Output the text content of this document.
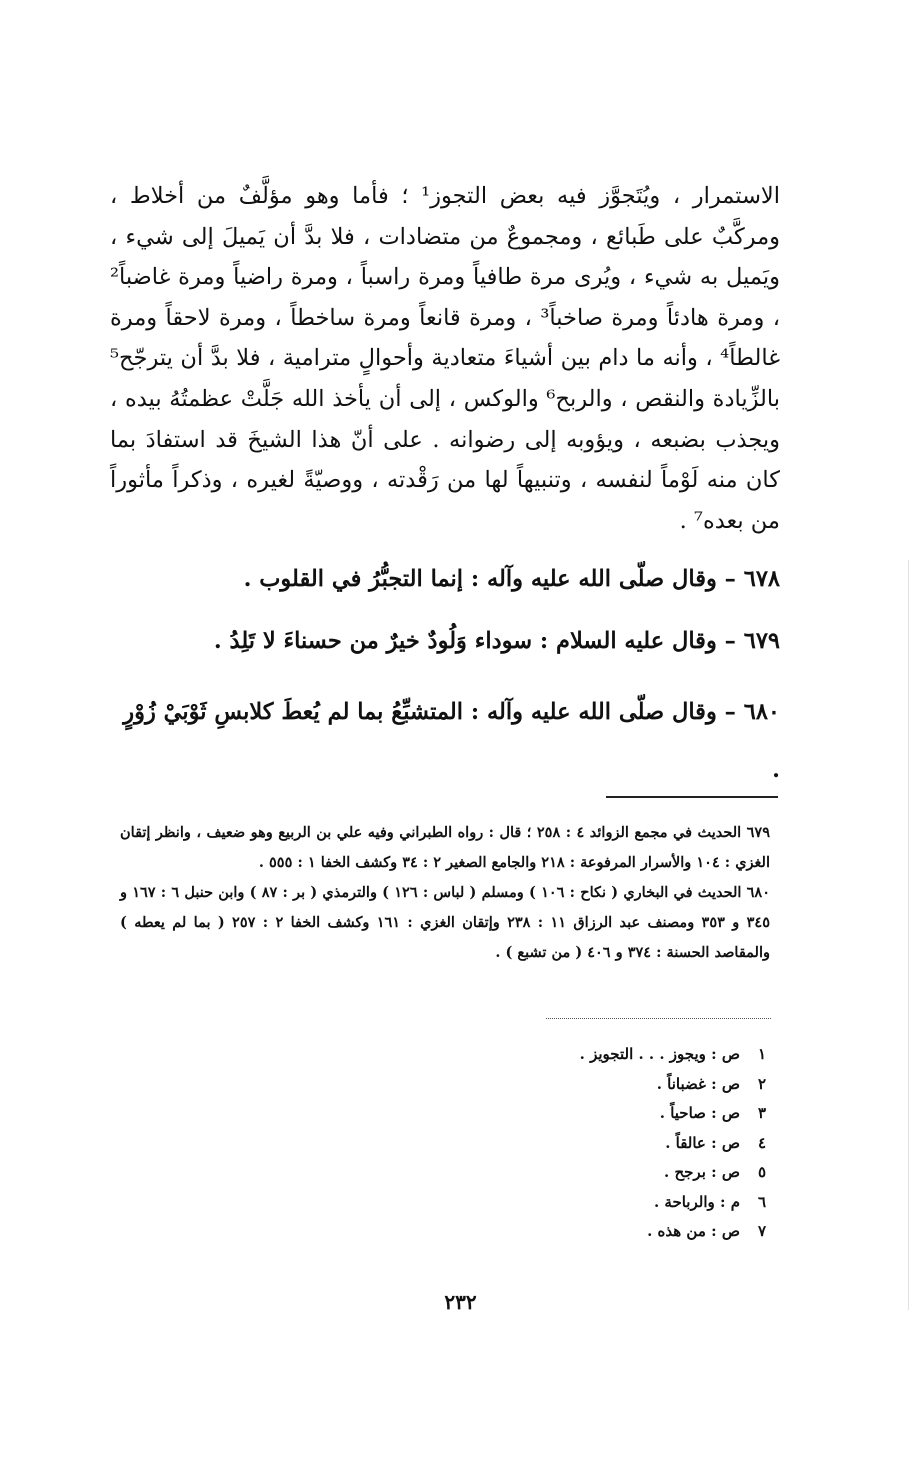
الاستمرار ، ويُتَجوَّز فيه بعض التجوز¹ ؛ فأما وهو مؤلَّفٌ من أخلاط ، ومركَّبٌ على طَبائع ، ومجموعٌ من متضادات ، فلا بدَّ أن يَميلَ إلى شيء ، ويَميل به شيء ، ويُرى مرة طافياً ومرة راسباً ، ومرة راضياً ومرة غاضباً² ، ومرة هادئاً ومرة صاخباً³ ، ومرة قانعاً ومرة ساخطاً ، ومرة لاحقاً ومرة غالطاً⁴ ، وأنه ما دام بين أشياءَ متعادية وأحوالٍ مترامية ، فلا بدَّ أن يترجّح⁵ بالزِّيادة والنقص ، والربح⁶ والوكس ، إلى أن يأخذ الله جَلَّتْ عظمتُهُ بيده ، ويجذب بضبعه ، ويؤوبه إلى رضوانه . على أنّ هذا الشيخَ قد استفادَ بما كان منه لَوْماً لنفسه ، وتنبيهاً لها من رَقْدته ، ووصيّةً لغيره ، وذكراً مأثوراً من بعده⁷ .

٦٧٨ – وقال صلّى الله عليه وآله : إنما التجبُّرُ في القلوب .

٦٧٩ – وقال عليه السلام : سوداء وَلُودٌ خيرٌ من حسناءَ لا تَلِدُ .

٦٨٠ – وقال صلّى الله عليه وآله : المتشبِّعُ بما لم يُعطَ كلابسِ ثَوْبَيْ زُوْرٍ .

٦٧٩ الحديث في مجمع الزوائد ٤ : ٢٥٨ ؛ قال : رواه الطبراني وفيه علي بن الربيع وهو ضعيف ، وانظر إتقان الغزي : ١٠٤ والأسرار المرفوعة : ٢١٨ والجامع الصغير ٢ : ٣٤ وكشف الخفا ١ : ٥٥٥ .

٦٨٠ الحديث في البخاري ( نكاح : ١٠٦ ) ومسلم ( لباس : ١٢٦ ) والترمذي ( بر : ٨٧ ) وابن حنبل ٦ : ١٦٧ و ٣٤٥ و ٣٥٣ ومصنف عبد الرزاق ١١ : ٢٣٨ وإتقان الغزي : ١٦١ وكشف الخفا ٢ : ٢٥٧ ( بما لم يعطه ) والمقاصد الحسنة : ٣٧٤ و ٤٠٦ ( من تشبع ) .

١ص : ويجوز . . . التجويز .
٢ص : غضباناً .
٣ص : صاحياً .
٤ص : عالقاً .
٥ص : برجح .
٦م : والرباحة .
٧ص : من هذه .
٢٣٢
